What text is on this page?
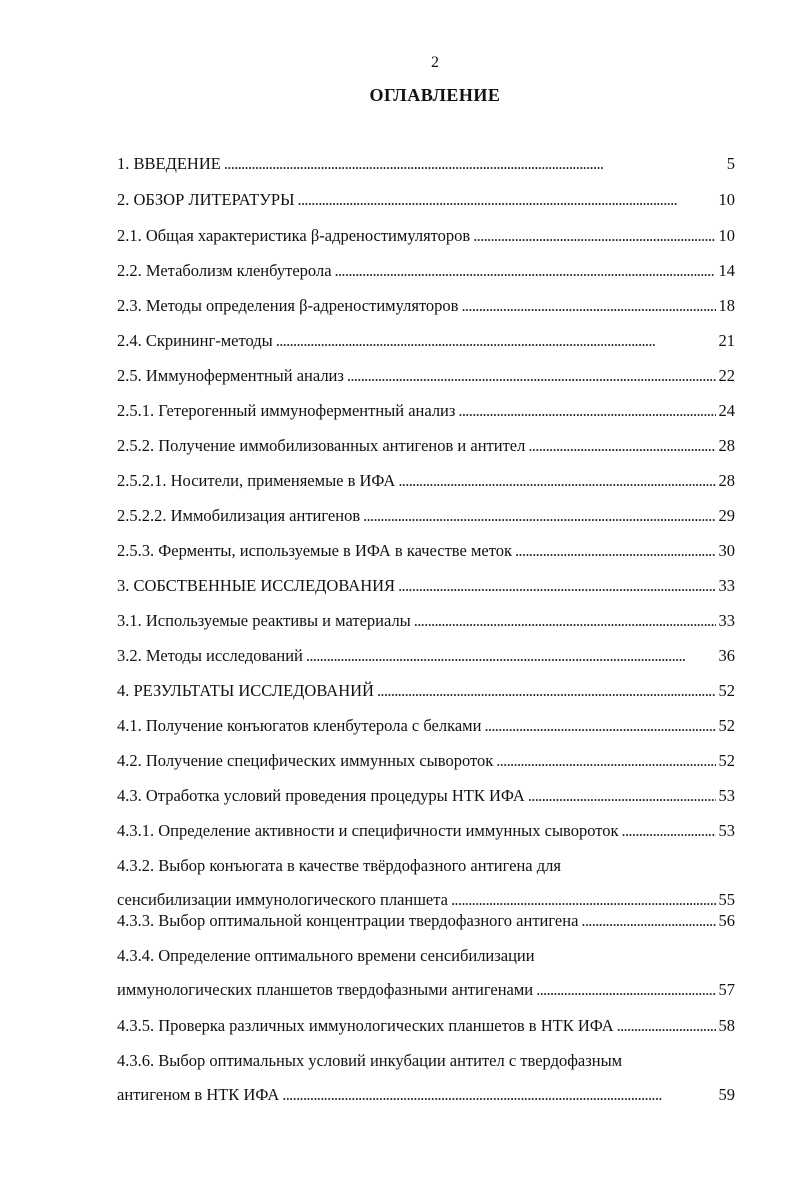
2
ОГЛАВЛЕНИЕ
1. ВВЕДЕНИЕ . . .	5
2. ОБЗОР ЛИТЕРАТУРЫ . . .	10
2.1. Общая характеристика β-адреностимуляторов . . .	10
2.2. Метаболизм кленбутерола . . .	14
2.3. Методы определения β-адреностимуляторов . . .	18
2.4. Скрининг-методы . . .	21
2.5. Иммуноферментный анализ . . .	22
2.5.1. Гетерогенный иммуноферментный анализ . . .	24
2.5.2. Получение иммобилизованных антигенов и антител . . .	28
2.5.2.1. Носители, применяемые в ИФА . . .	28
2.5.2.2. Иммобилизация антигенов . . .	29
2.5.3. Ферменты, используемые в ИФА в качестве меток . . .	30
3. СОБСТВЕННЫЕ ИССЛЕДОВАНИЯ . . .	33
3.1. Используемые реактивы и материалы . . .	33
3.2. Методы исследований . . .	36
4. РЕЗУЛЬТАТЫ ИССЛЕДОВАНИЙ . . .	52
4.1. Получение конъюгатов кленбутерола с белками . . .	52
4.2. Получение специфических иммунных сывороток . . .	52
4.3. Отработка условий проведения процедуры НТК ИФА . . .	53
4.3.1. Определение активности и специфичности иммунных сывороток . . .	53
4.3.2. Выбор конъюгата в качестве твёрдофазного антигена для
сенсибилизации иммунологического планшета . . .	55
4.3.3. Выбор оптимальной концентрации твердофазного антигена . . .	56
4.3.4. Определение оптимального времени сенсибилизации
иммунологических планшетов твердофазными антигенами . . .	57
4.3.5. Проверка различных иммунологических планшетов в НТК ИФА . . .	58
4.3.6. Выбор оптимальных условий инкубации антител с твердофазным
антигеном в НТК ИФА . . .	59
